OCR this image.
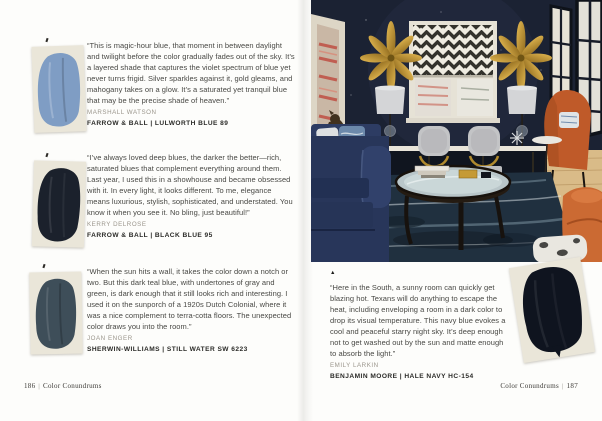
“This is magic-hour blue, that moment in between daylight and twilight before the color gradually fades out of the sky. It’s a layered shade that captures the violet spectrum of blue yet never turns frigid. Silver sparkles against it, gold gleams, and mahogany takes on a glow. It’s a saturated yet tranquil blue that may be the precise shade of heaven.”

MARSHALL WATSON
FARROW & BALL | LULWORTH BLUE 89

“I’ve always loved deep blues, the darker the better—rich, saturated blues that complement everything around them. Last year, I used this in a showhouse and became obsessed with it. In every light, it looks different. To me, elegance means luxurious, stylish, sophisticated, and understated. You know it when you see it. No bling, just beautiful!”

KERRY DELROSE
FARROW & BALL | BLACK BLUE 95

“When the sun hits a wall, it takes the color down a notch or two. But this dark teal blue, with undertones of gray and green, is dark enough that it still looks rich and interesting. I used it on the sunporch of a 1920s Dutch Colonial, where it was a nice complement to terra-cotta floors. The unexpected color draws you into the room.”

JOAN ENGER
SHERWIN-WILLIAMS | STILL WATER SW 6223
186 | Color Conundrums
▲

“Here in the South, a sunny room can quickly get blazing hot. Texans will do anything to escape the heat, including enveloping a room in a dark color to drop its visual temperature. This navy blue evokes a cool and peaceful starry night sky. It’s deep enough not to get washed out by the sun and matte enough to absorb the light.”

EMILY LARKIN
BENJAMIN MOORE | HALE NAVY HC-154
Color Conundrums | 187
